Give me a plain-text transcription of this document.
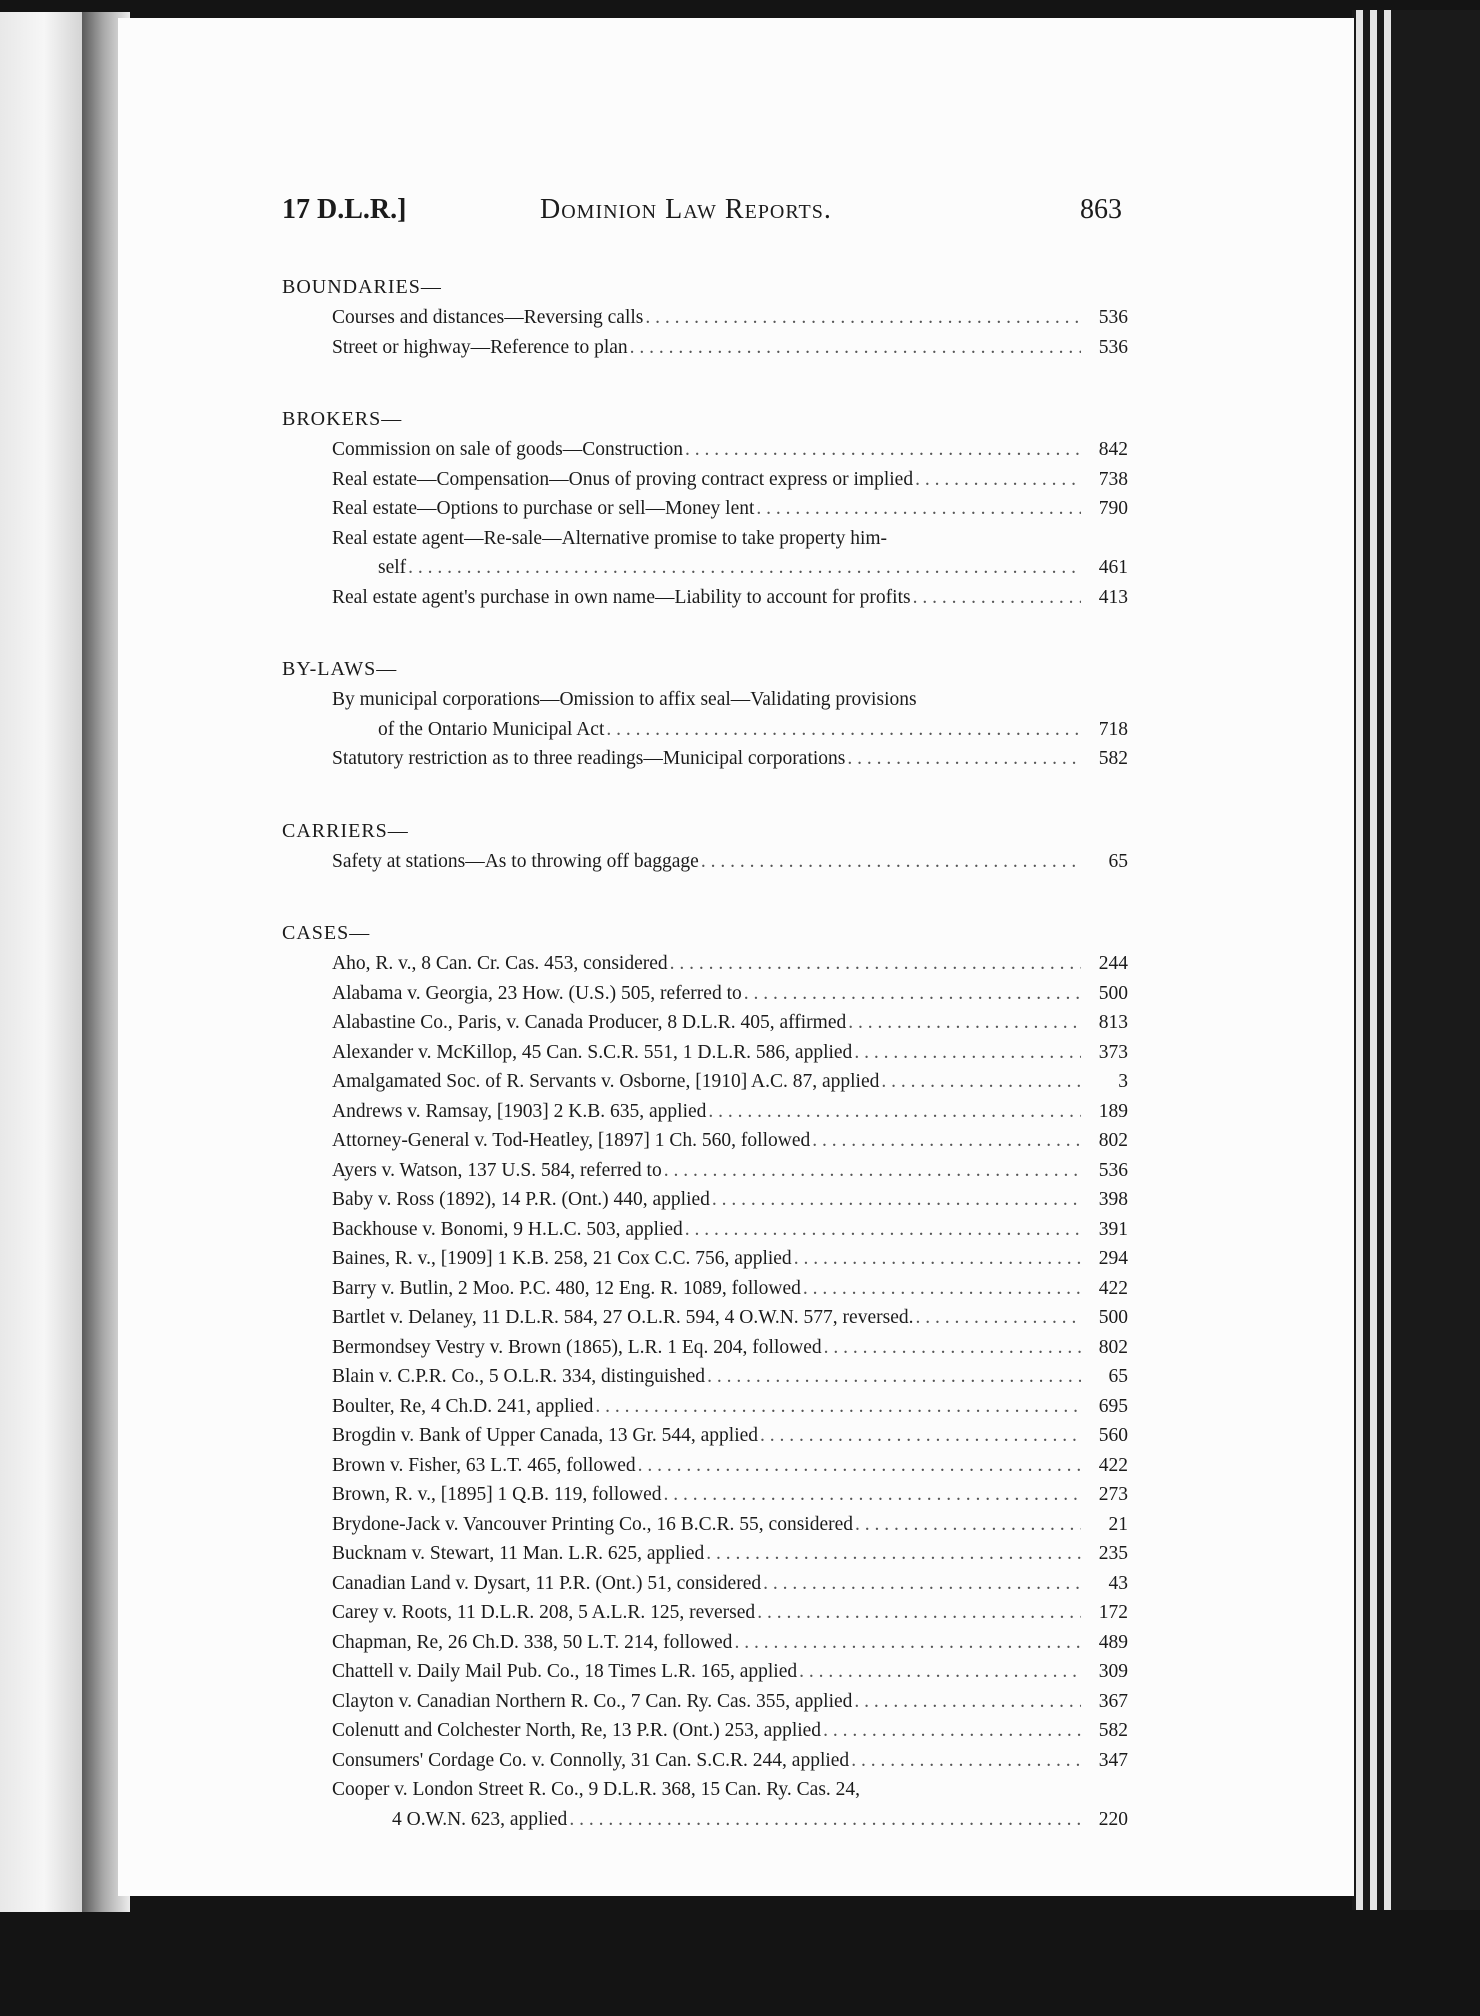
17 D.L.R.]	Dominion Law Reports.	863
BOUNDARIES—
Courses and distances—Reversing calls . . .	536
Street or highway—Reference to plan . . .	536
BROKERS—
Commission on sale of goods—Construction . . .	842
Real estate—Compensation—Onus of proving contract express or implied . . .	738
Real estate—Options to purchase or sell—Money lent . . .	790
Real estate agent—Re-sale—Alternative promise to take property him-
self . . .	461
Real estate agent's purchase in own name—Liability to account for profits . . .	413
BY-LAWS—
By municipal corporations—Omission to affix seal—Validating provisions
of the Ontario Municipal Act . . .	718
Statutory restriction as to three readings—Municipal corporations . . .	582
CARRIERS—
Safety at stations—As to throwing off baggage . . .	65
CASES—
Aho, R. v., 8 Can. Cr. Cas. 453, considered . . .	244
Alabama v. Georgia, 23 How. (U.S.) 505, referred to . . .	500
Alabastine Co., Paris, v. Canada Producer, 8 D.L.R. 405, affirmed . . .	813
Alexander v. McKillop, 45 Can. S.C.R. 551, 1 D.L.R. 586, applied . . .	373
Amalgamated Soc. of R. Servants v. Osborne, [1910] A.C. 87, applied . . .	3
Andrews v. Ramsay, [1903] 2 K.B. 635, applied . . .	189
Attorney-General v. Tod-Heatley, [1897] 1 Ch. 560, followed . . .	802
Ayers v. Watson, 137 U.S. 584, referred to . . .	536
Baby v. Ross (1892), 14 P.R. (Ont.) 440, applied . . .	398
Backhouse v. Bonomi, 9 H.L.C. 503, applied . . .	391
Baines, R. v., [1909] 1 K.B. 258, 21 Cox C.C. 756, applied . . .	294
Barry v. Butlin, 2 Moo. P.C. 480, 12 Eng. R. 1089, followed . . .	422
Bartlet v. Delaney, 11 D.L.R. 584, 27 O.L.R. 594, 4 O.W.N. 577, reversed. . . .	500
Bermondsey Vestry v. Brown (1865), L.R. 1 Eq. 204, followed . . .	802
Blain v. C.P.R. Co., 5 O.L.R. 334, distinguished . . .	65
Boulter, Re, 4 Ch.D. 241, applied . . .	695
Brogdin v. Bank of Upper Canada, 13 Gr. 544, applied . . .	560
Brown v. Fisher, 63 L.T. 465, followed . . .	422
Brown, R. v., [1895] 1 Q.B. 119, followed . . .	273
Brydone-Jack v. Vancouver Printing Co., 16 B.C.R. 55, considered . . .	21
Bucknam v. Stewart, 11 Man. L.R. 625, applied . . .	235
Canadian Land v. Dysart, 11 P.R. (Ont.) 51, considered . . .	43
Carey v. Roots, 11 D.L.R. 208, 5 A.L.R. 125, reversed . . .	172
Chapman, Re, 26 Ch.D. 338, 50 L.T. 214, followed . . .	489
Chattell v. Daily Mail Pub. Co., 18 Times L.R. 165, applied . . .	309
Clayton v. Canadian Northern R. Co., 7 Can. Ry. Cas. 355, applied . . .	367
Colenutt and Colchester North, Re, 13 P.R. (Ont.) 253, applied . . .	582
Consumers' Cordage Co. v. Connolly, 31 Can. S.C.R. 244, applied . . .	347
Cooper v. London Street R. Co., 9 D.L.R. 368, 15 Can. Ry. Cas. 24,
4 O.W.N. 623, applied . . .	220
